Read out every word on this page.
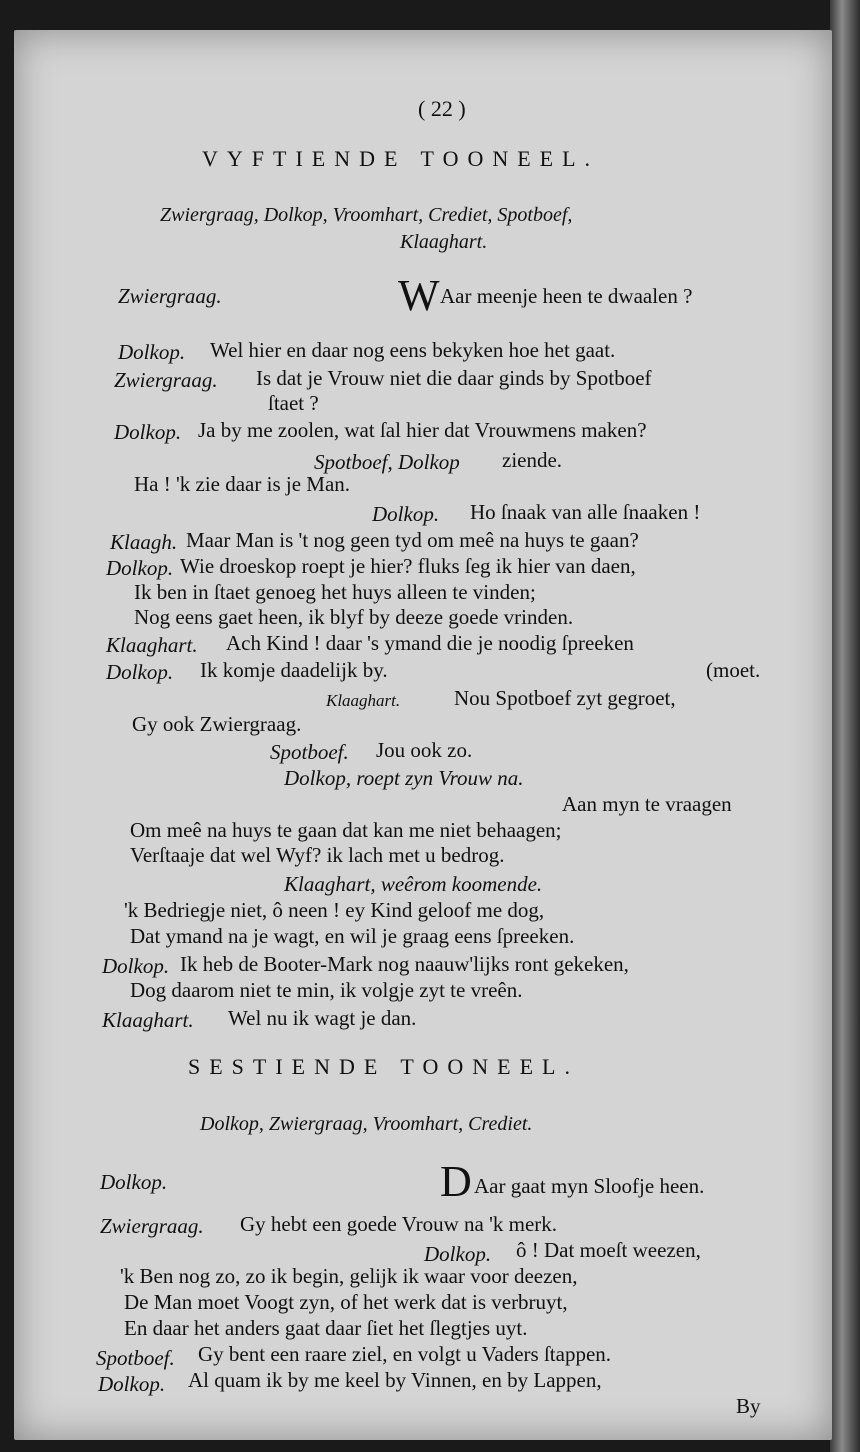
( 22 )
VYFTIENDE TOONEEL.
Zwiergraag, Dolkop, Vroomhart, Crediet, Spotboef,
Klaaghart.
Zwiergraag.	W Aar meenje heen te dwaalen ?
Dolkop. Wel hier en daar nog eens bekyken hoe het gaat.
Zwiergraag. Is dat je Vrouw niet die daar ginds by Spotboef
ſtaet ?
Dolkop. Ja by me zoolen, wat ſal hier dat Vrouwmens maken?
Spotboef, Dolkop ziende.
Ha ! 'k zie daar is je Man.
Dolkop. Ho ſnaak van alle ſnaaken !
Klaagh. Maar Man is 't nog geen tyd om meê na huys te gaan?
Dolkop. Wie droeskop roept je hier? fluks ſeg ik hier van daen,
Ik ben in ſtaet genoeg het huys alleen te vinden;
Nog eens gaet heen, ik blyf by deeze goede vrinden.
Klaaghart. Ach Kind ! daar 's ymand die je noodig ſpreeken
Dolkop. Ik komje daadelijk by.	(moet.
Klaaghart.	Nou Spotboef zyt gegroet,
Gy ook Zwiergraag.
Spotboef. Jou ook zo.
Dolkop, roept zyn Vrouw na.
Aan myn te vraagen
Om meê na huys te gaan dat kan me niet behaagen;
Verſtaaje dat wel Wyf? ik lach met u bedrog.
Klaaghart, weêrom koomende.
'k Bedriegje niet, ô neen ! ey Kind geloof me dog,
Dat ymand na je wagt, en wil je graag eens ſpreeken.
Dolkop. Ik heb de Booter-Mark nog naauw'lijks ront gekeken,
Dog daarom niet te min, ik volgje zyt te vreên.
Klaaghart. Wel nu ik wagt je dan.
SESTIENDE TOONEEL.
Dolkop, Zwiergraag, Vroomhart, Crediet.
Dolkop.	D Aar gaat myn Sloofje heen.
Zwiergraag. Gy hebt een goede Vrouw na 'k merk.
Dolkop. ô ! Dat moeſt weezen,
'k Ben nog zo, zo ik begin, gelijk ik waar voor deezen,
De Man moet Voogt zyn, of het werk dat is verbruyt,
En daar het anders gaat daar ſiet het ſlegtjes uyt.
Spotboef. Gy bent een raare ziel, en volgt u Vaders ſtappen.
Dolkop. Al quam ik by me keel by Vinnen, en by Lappen,
By
